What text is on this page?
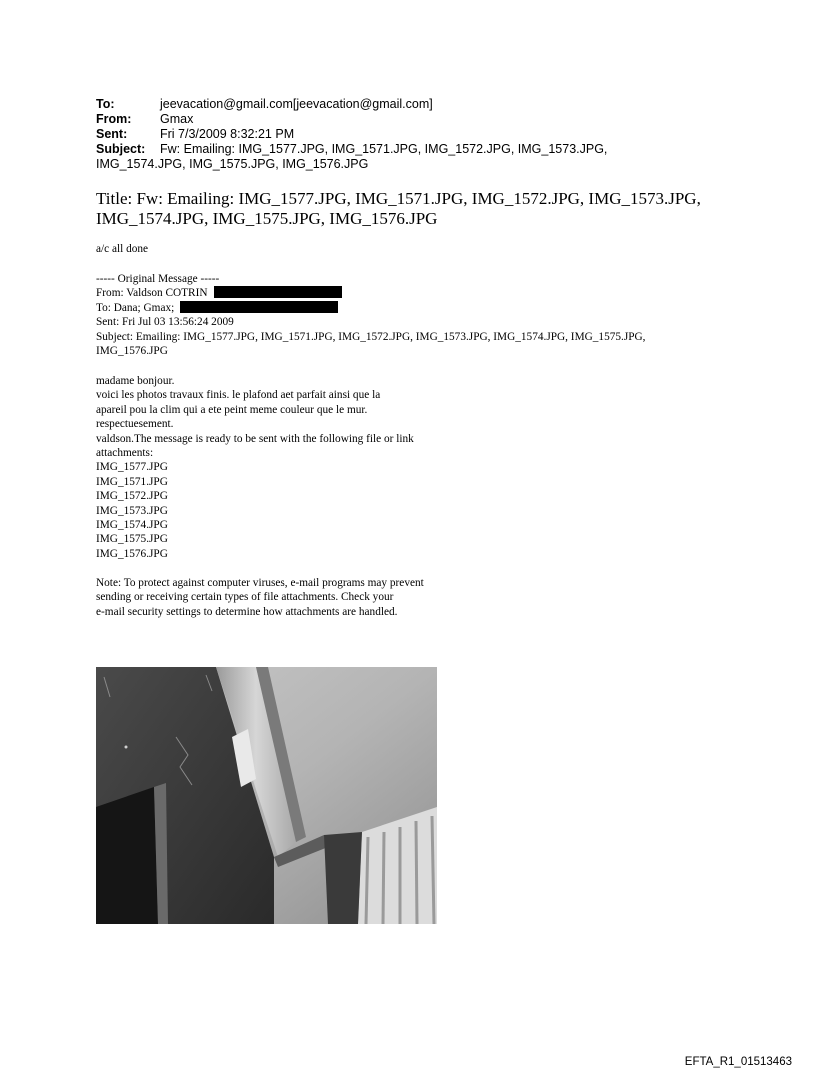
To:	jeevacation@gmail.com[jeevacation@gmail.com]
From:	Gmax
Sent:	Fri 7/3/2009 8:32:21 PM
Subject:	Fw: Emailing: IMG_1577.JPG, IMG_1571.JPG, IMG_1572.JPG, IMG_1573.JPG,
IMG_1574.JPG, IMG_1575.JPG, IMG_1576.JPG
Title: Fw: Emailing: IMG_1577.JPG, IMG_1571.JPG, IMG_1572.JPG, IMG_1573.JPG,
IMG_1574.JPG, IMG_1575.JPG, IMG_1576.JPG
a/c all done
----- Original Message -----
From: Valdson COTRIN
To: Dana; Gmax;
Sent: Fri Jul 03 13:56:24 2009
Subject: Emailing: IMG_1577.JPG, IMG_1571.JPG, IMG_1572.JPG, IMG_1573.JPG, IMG_1574.JPG, IMG_1575.JPG,
IMG_1576.JPG
madame bonjour.
voici les photos travaux finis. le plafond aet parfait ainsi que la
apareil pou la clim qui a ete peint meme couleur que le mur.
respectuesement.
valdson.The message is ready to be sent with the following file or link
attachments:
IMG_1577.JPG
IMG_1571.JPG
IMG_1572.JPG
IMG_1573.JPG
IMG_1574.JPG
IMG_1575.JPG
IMG_1576.JPG
Note: To protect against computer viruses, e-mail programs may prevent
sending or receiving certain types of file attachments. Check your
e-mail security settings to determine how attachments are handled.
EFTA_R1_01513463
